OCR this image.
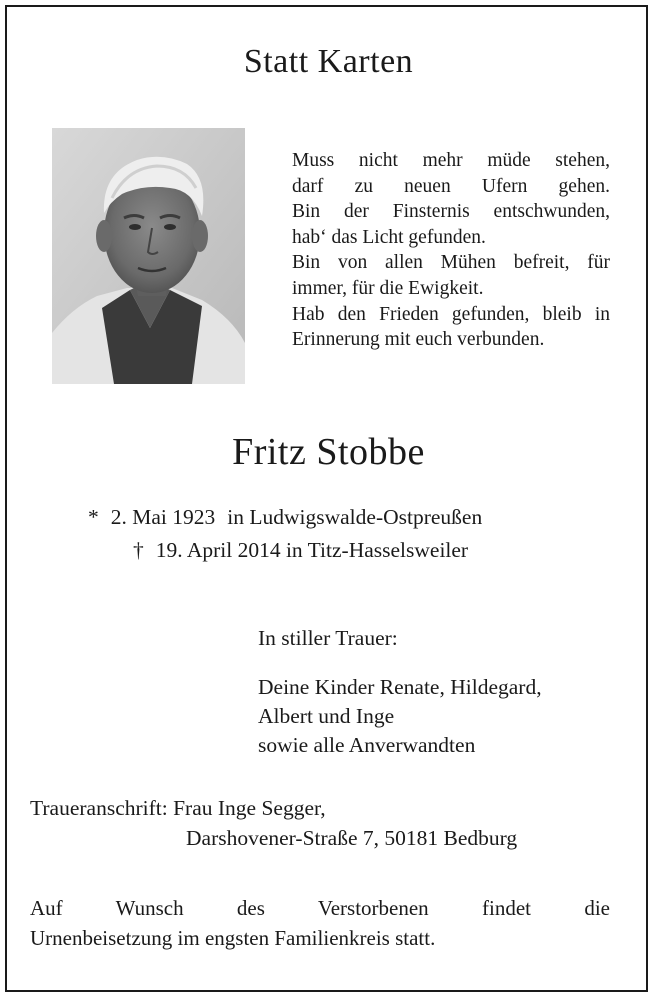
Statt Karten
Muss nicht mehr müde stehen,
darf zu neuen Ufern gehen.
Bin der Finsternis entschwunden,
hab‘ das Licht gefunden.
Bin von allen Mühen befreit, für
immer, für die Ewigkeit.
Hab den Frieden gefunden, bleib in
Erinnerung mit euch verbunden.
Fritz Stobbe
* 2. Mai 1923 in Ludwigswalde-Ostpreußen
† 19. April 2014 in Titz-Hasselsweiler
In stiller Trauer:
Deine Kinder Renate, Hildegard,
Albert und Inge
sowie alle Anverwandten
Traueranschrift: Frau Inge Segger,
Darshovener-Straße 7, 50181 Bedburg
Auf Wunsch des Verstorbenen findet die
Urnenbeisetzung im engsten Familienkreis statt.
